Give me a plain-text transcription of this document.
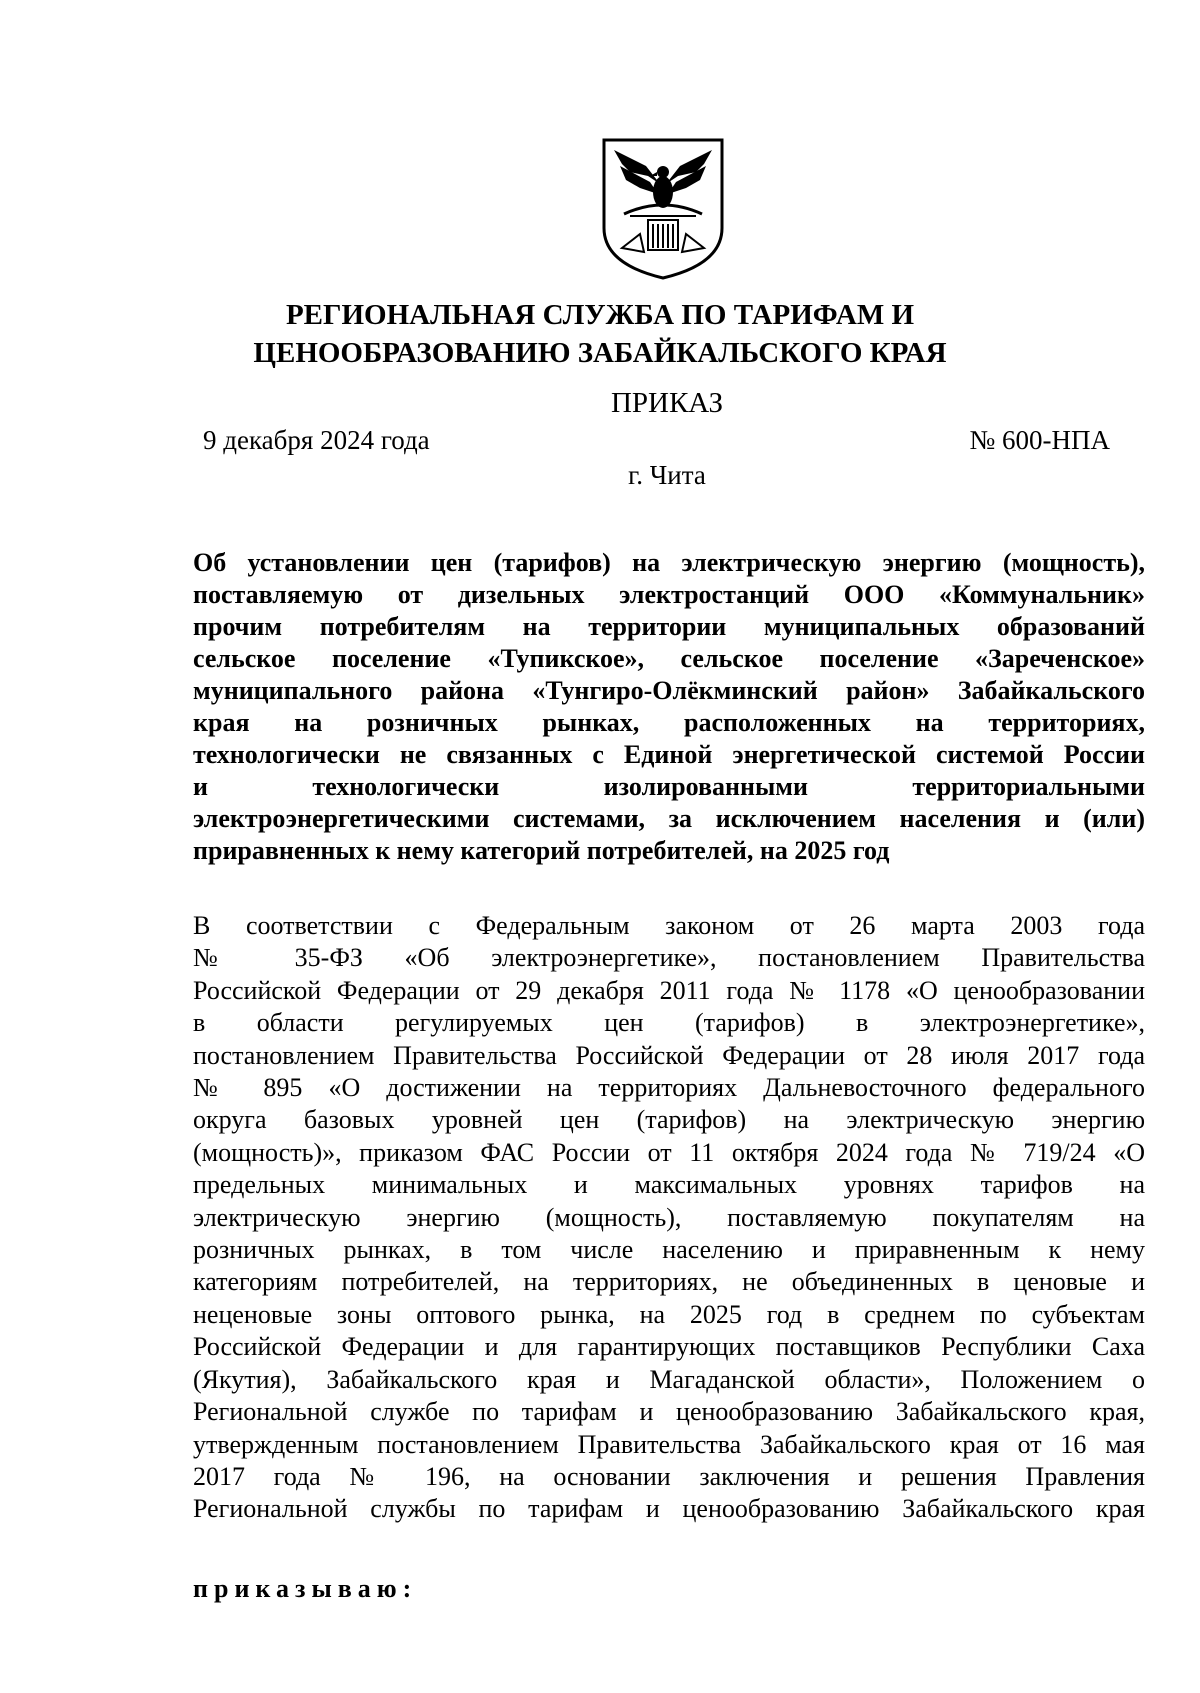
РЕГИОНАЛЬНАЯ СЛУЖБА ПО ТАРИФАМ И
ЦЕНООБРАЗОВАНИЮ ЗАБАЙКАЛЬСКОГО КРАЯ
ПРИКАЗ
9 декабря 2024 года	№ 600-НПА
г. Чита
Об установлении цен (тарифов) на электрическую энергию (мощность),
поставляемую от дизельных электростанций ООО «Коммунальник»
прочим потребителям на территории муниципальных образований
сельское поселение «Тупикское», сельское поселение «Зареченское»
муниципального района «Тунгиро-Олёкминский район» Забайкальского
края на розничных рынках, расположенных на территориях,
технологически не связанных с Единой энергетической системой России
и технологически изолированными территориальными
электроэнергетическими системами, за исключением населения и (или)
приравненных к нему категорий потребителей, на 2025 год
В соответствии с Федеральным законом от 26 марта 2003 года
№ 35-ФЗ «Об электроэнергетике», постановлением Правительства
Российской Федерации от 29 декабря 2011 года № 1178 «О ценообразовании
в области регулируемых цен (тарифов) в электроэнергетике»,
постановлением Правительства Российской Федерации от 28 июля 2017 года
№ 895 «О достижении на территориях Дальневосточного федерального
округа базовых уровней цен (тарифов) на электрическую энергию
(мощность)», приказом ФАС России от 11 октября 2024 года № 719/24 «О
предельных минимальных и максимальных уровнях тарифов на
электрическую энергию (мощность), поставляемую покупателям на
розничных рынках, в том числе населению и приравненным к нему
категориям потребителей, на территориях, не объединенных в ценовые и
неценовые зоны оптового рынка, на 2025 год в среднем по субъектам
Российской Федерации и для гарантирующих поставщиков Республики Саха
(Якутия), Забайкальского края и Магаданской области», Положением о
Региональной службе по тарифам и ценообразованию Забайкальского края,
утвержденным постановлением Правительства Забайкальского края от 16 мая
2017 года № 196, на основании заключения и решения Правления
Региональной службы по тарифам и ценообразованию Забайкальского края
приказываю:
